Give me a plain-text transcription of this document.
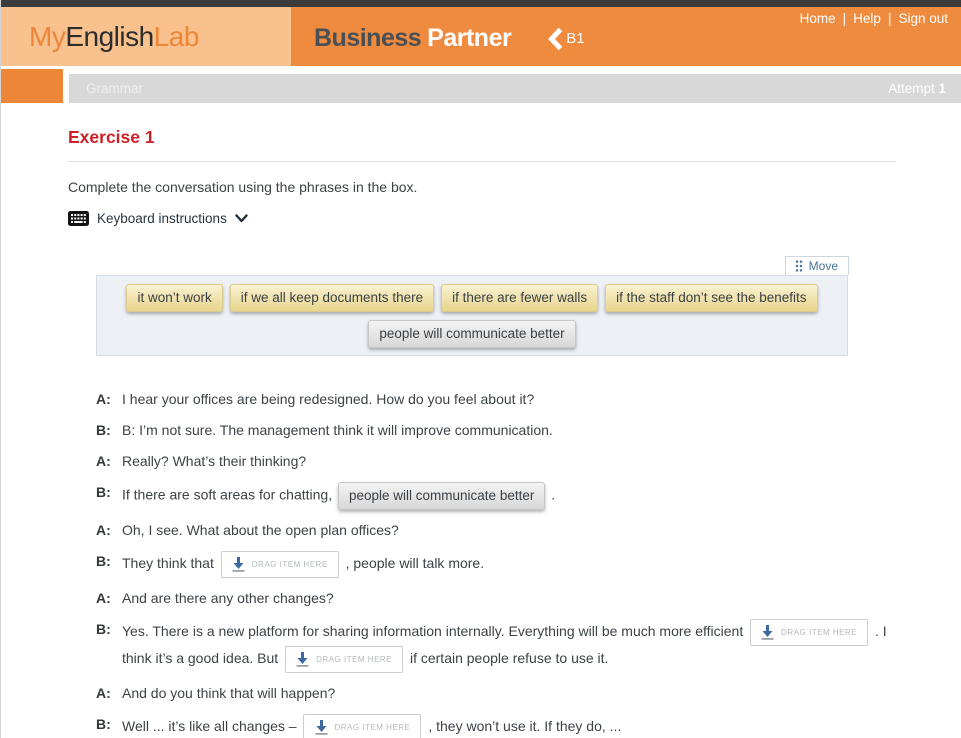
MyEnglishLab
Home | Help | Sign out
Business Partner	B1
Grammar	Attempt 1
Exercise 1

Complete the conversation using the phrases in the box.

Keyboard instructions
Move
it won’t work	if we all keep documents there	if there are fewer walls	if the staff don’t see the benefits
people will communicate better
A: I hear your offices are being redesigned. How do you feel about it?
B: B: I’m not sure. The management think it will improve communication.
A: Really? What’s their thinking?
B: If there are soft areas for chatting, people will communicate better .
A: Oh, I see. What about the open plan offices?
B: They think that	DRAG ITEM HERE , people will talk more.
A: And are there any other changes?
B: Yes. There is a new platform for sharing information internally. Everything will be much more efficient	DRAG ITEM HERE . I think it’s a good idea. But	DRAG ITEM HERE if certain people refuse to use it.
A: And do you think that will happen?
B: Well ... it’s like all changes –	DRAG ITEM HERE , they won’t use it. If they do, ...
